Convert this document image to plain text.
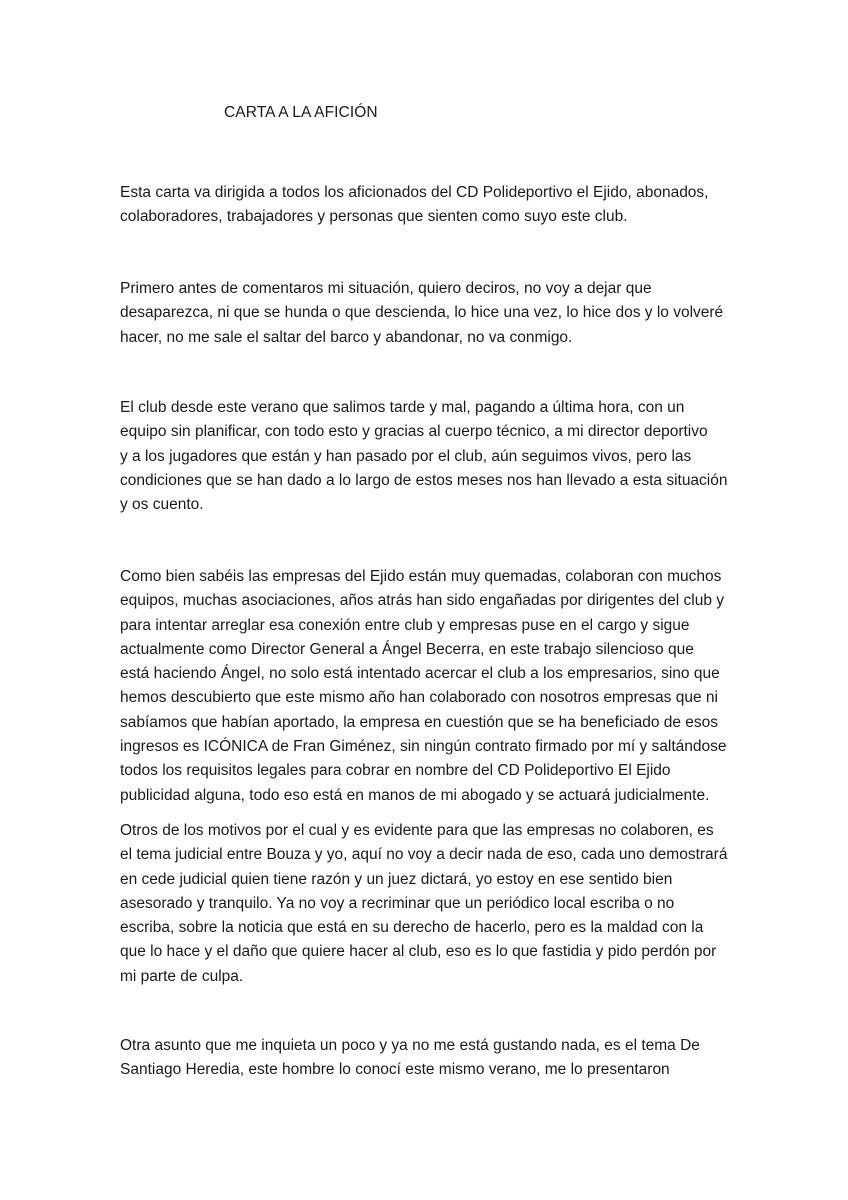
CARTA A LA AFICIÓN
Esta carta va dirigida a todos los aficionados del CD Polideportivo el Ejido, abonados,
colaboradores, trabajadores y personas que sienten como suyo este club.
Primero antes de comentaros mi situación, quiero deciros, no voy a dejar que
desaparezca, ni que se hunda o que descienda, lo hice una vez, lo hice dos y lo volveré
hacer, no me sale el saltar del barco y abandonar, no va conmigo.
El club desde este verano que salimos tarde y mal, pagando a última hora, con un
equipo sin planificar, con todo esto y gracias al cuerpo técnico, a mi director deportivo
y a los jugadores que están y han pasado por el club, aún seguimos vivos, pero las
condiciones que se han dado a lo largo de estos meses nos han llevado a esta situación
y os cuento.
Como bien sabéis las empresas del Ejido están muy quemadas, colaboran con muchos
equipos, muchas asociaciones, años atrás han sido engañadas por dirigentes del club y
para intentar arreglar esa conexión entre club y empresas puse en el cargo y sigue
actualmente como Director General a Ángel Becerra, en este trabajo silencioso que
está haciendo Ángel, no solo está intentado acercar el club a los empresarios, sino que
hemos descubierto que este mismo año han colaborado con nosotros empresas que ni
sabíamos que habían aportado, la empresa en cuestión que se ha beneficiado de esos
ingresos es ICÓNICA de Fran Giménez, sin ningún contrato firmado por mí y saltándose
todos los requisitos legales para cobrar en nombre del CD Polideportivo El Ejido
publicidad alguna, todo eso está en manos de mi abogado y se actuará judicialmente.
Otros de los motivos por el cual y es evidente para que las empresas no colaboren, es
el tema judicial entre Bouza y yo, aquí no voy a decir nada de eso, cada uno demostrará
en cede judicial quien tiene razón y un juez dictará, yo estoy en ese sentido bien
asesorado y tranquilo. Ya no voy a recriminar que un periódico local escriba o no
escriba, sobre la noticia que está en su derecho de hacerlo, pero es la maldad con la
que lo hace y el daño que quiere hacer al club, eso es lo que fastidia y pido perdón por
mi parte de culpa.
Otra asunto que me inquieta un poco y ya no me está gustando nada, es el tema De
Santiago Heredia, este hombre lo conocí este mismo verano, me lo presentaron
